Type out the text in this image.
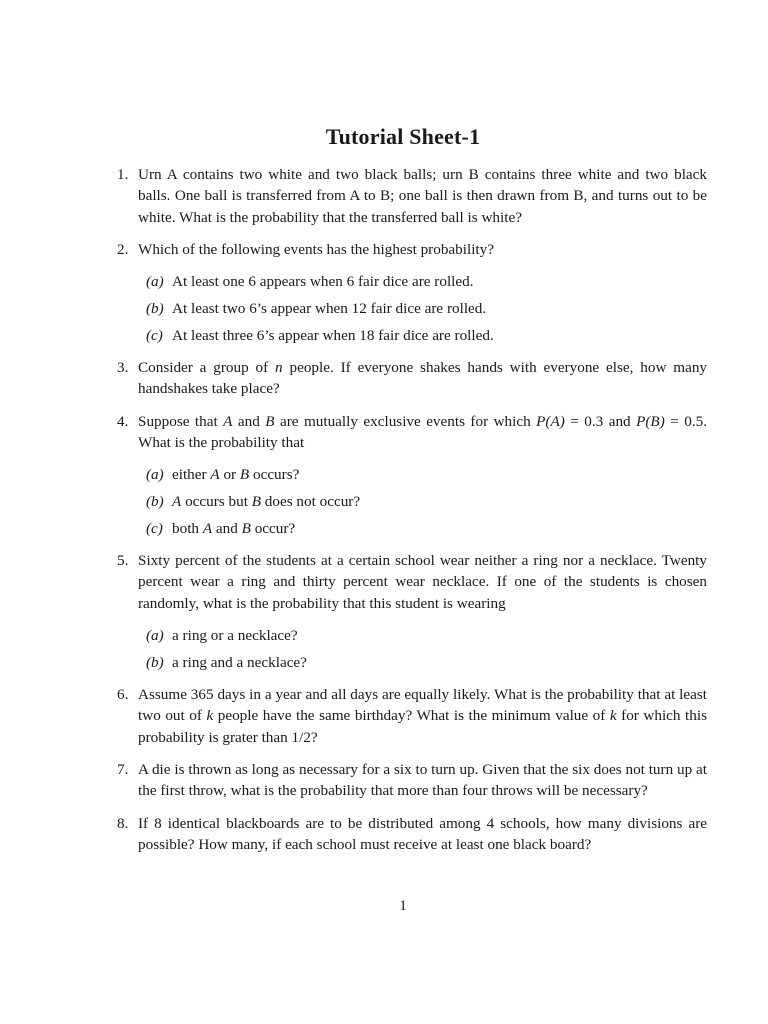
Tutorial Sheet-1
1. Urn A contains two white and two black balls; urn B contains three white and two black balls. One ball is transferred from A to B; one ball is then drawn from B, and turns out to be white. What is the probability that the transferred ball is white?
2. Which of the following events has the highest probability?
(a) At least one 6 appears when 6 fair dice are rolled.
(b) At least two 6’s appear when 12 fair dice are rolled.
(c) At least three 6’s appear when 18 fair dice are rolled.
3. Consider a group of n people. If everyone shakes hands with everyone else, how many handshakes take place?
4. Suppose that A and B are mutually exclusive events for which P(A) = 0.3 and P(B) = 0.5. What is the probability that
(a) either A or B occurs?
(b) A occurs but B does not occur?
(c) both A and B occur?
5. Sixty percent of the students at a certain school wear neither a ring nor a necklace. Twenty percent wear a ring and thirty percent wear necklace. If one of the students is chosen randomly, what is the probability that this student is wearing
(a) a ring or a necklace?
(b) a ring and a necklace?
6. Assume 365 days in a year and all days are equally likely. What is the probability that at least two out of k people have the same birthday? What is the minimum value of k for which this probability is grater than 1/2?
7. A die is thrown as long as necessary for a six to turn up. Given that the six does not turn up at the first throw, what is the probability that more than four throws will be necessary?
8. If 8 identical blackboards are to be distributed among 4 schools, how many divisions are possible? How many, if each school must receive at least one black board?
1
